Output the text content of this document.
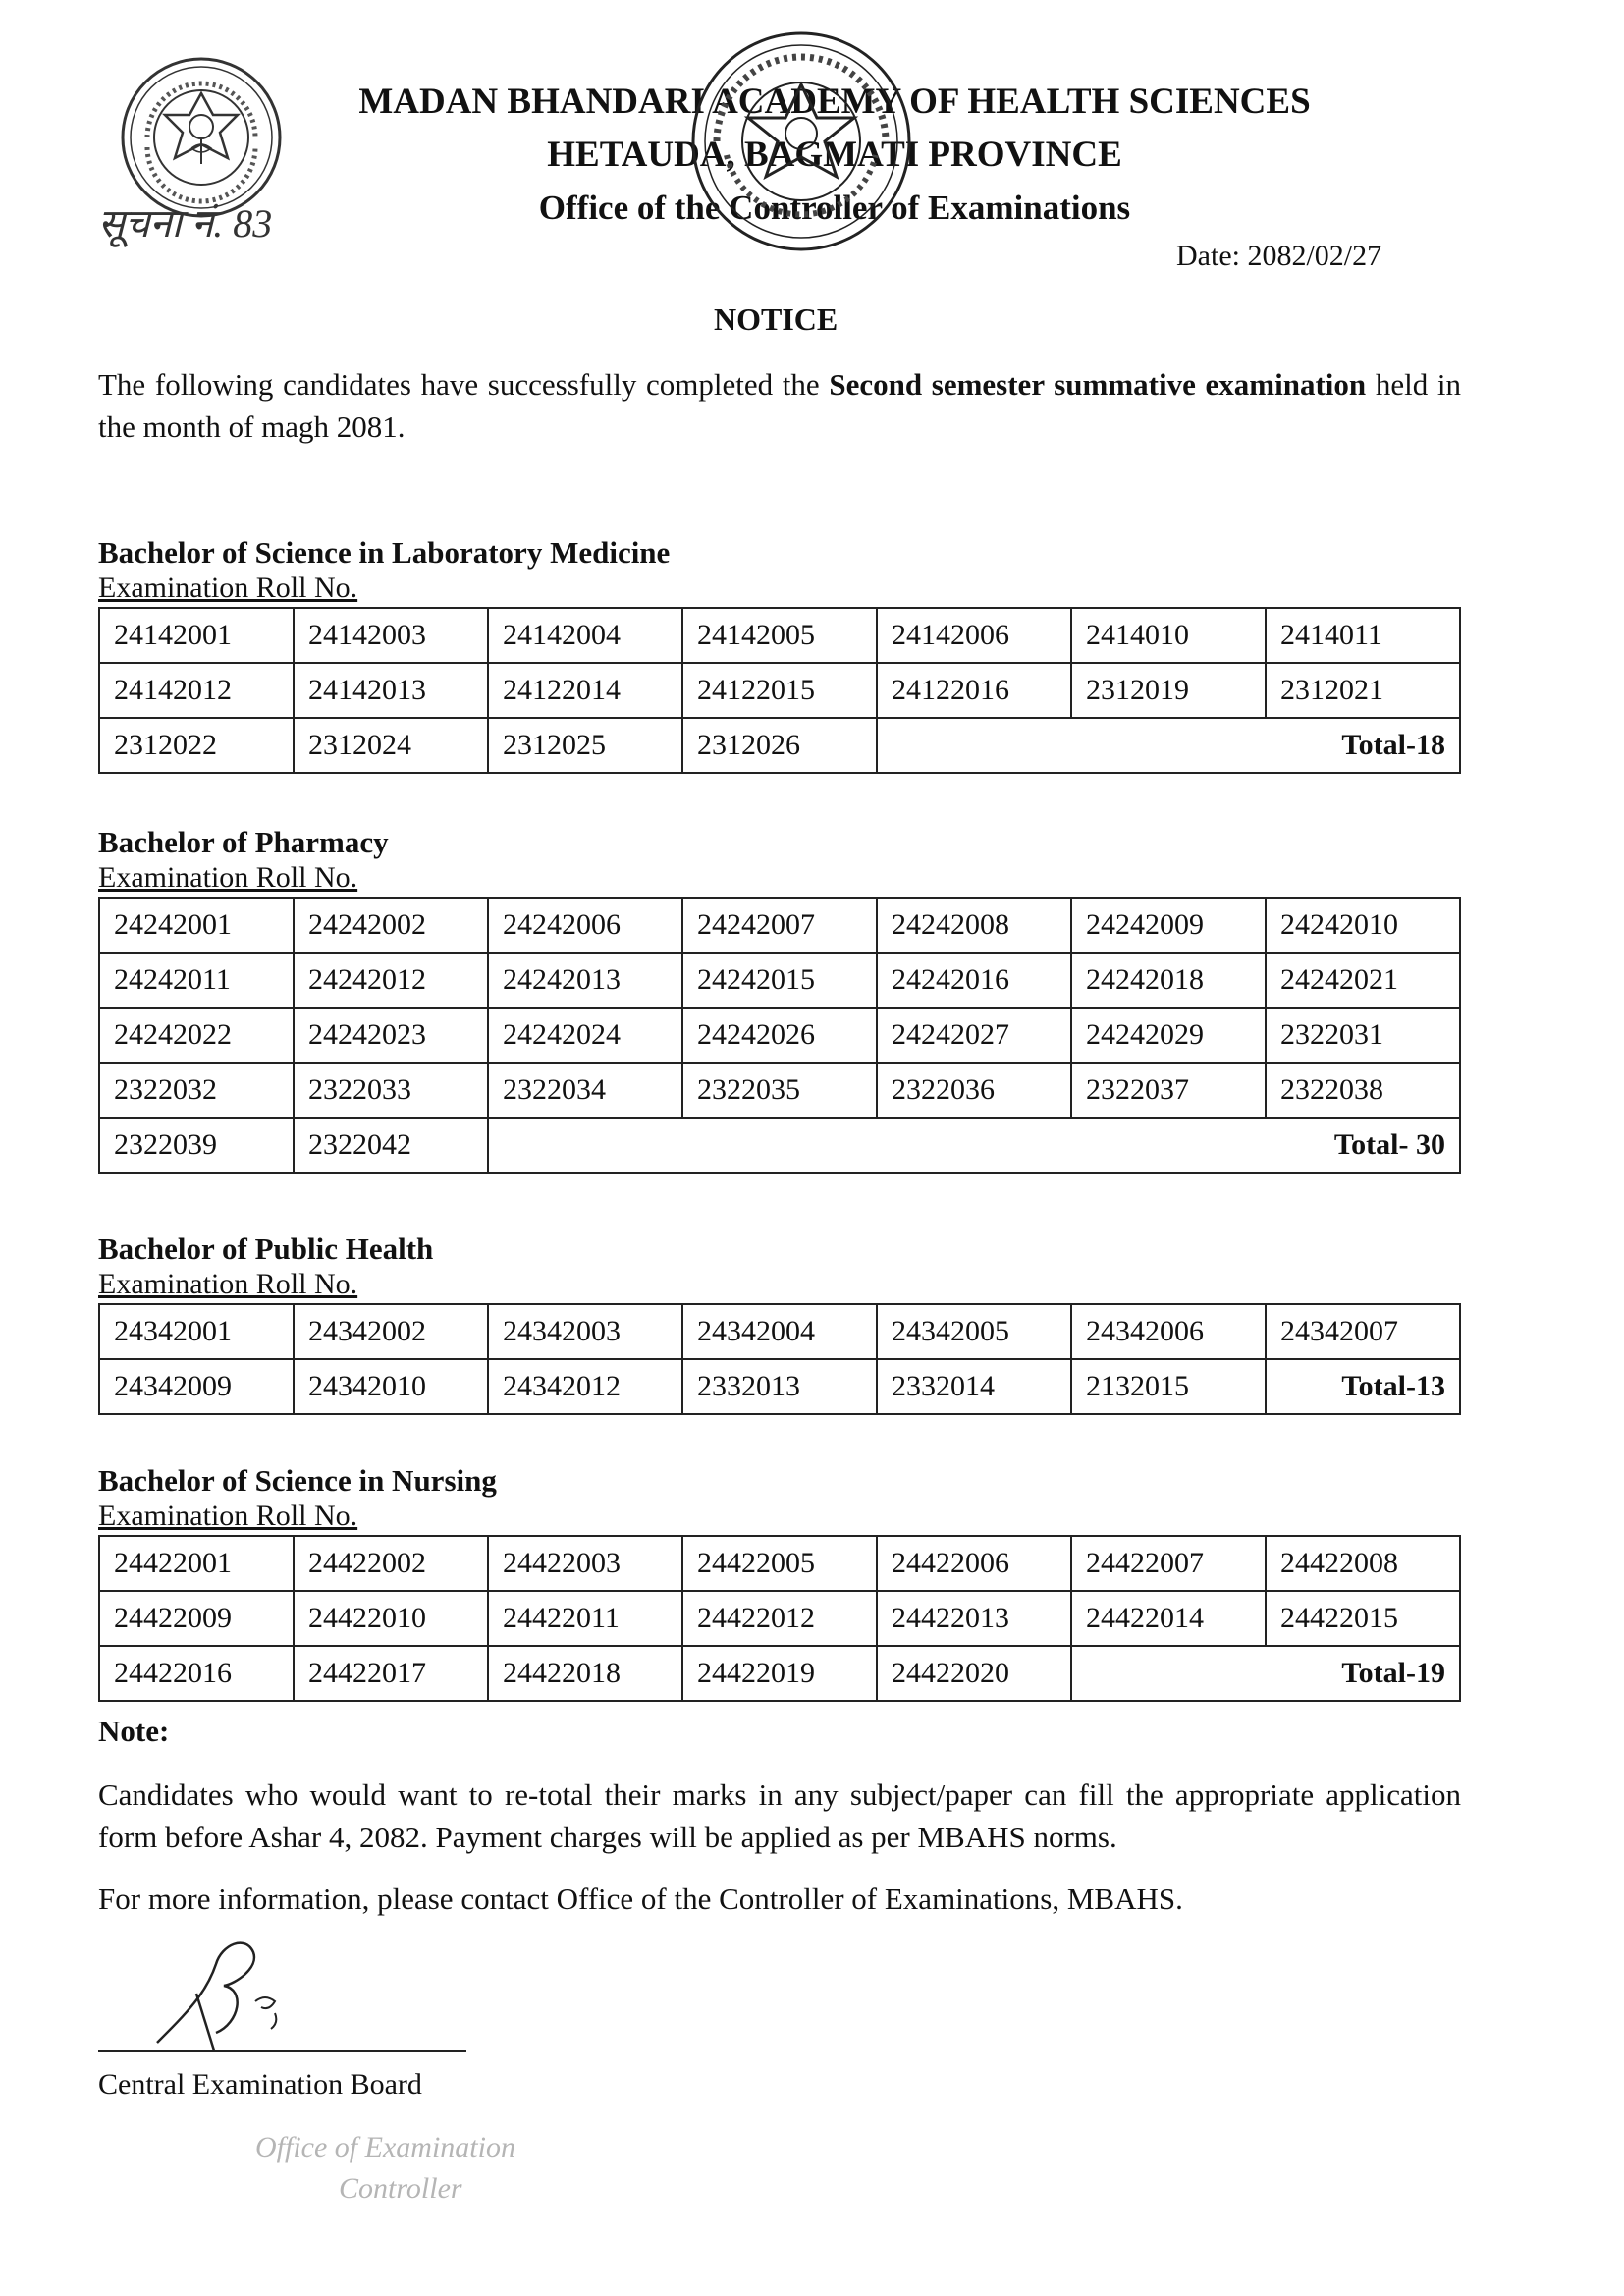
सूचना नं. 83
MADAN BHANDARI ACADEMY OF HEALTH SCIENCES
HETAUDA, BAGMATI PROVINCE
Office of the Controller of Examinations
Date: 2082/02/27
NOTICE
The following candidates have successfully completed the Second semester summative examination held in the month of magh 2081.
Bachelor of Science in Laboratory Medicine
Examination Roll No.
24142001	24142003	24142004	24142005	24142006	2414010	2414011
24142012	24142013	24122014	24122015	24122016	2312019	2312021
2312022	2312024	2312025	2312026	Total-18		
Bachelor of Pharmacy
Examination Roll No.
24242001	24242002	24242006	24242007	24242008	24242009	24242010
24242011	24242012	24242013	24242015	24242016	24242018	24242021
24242022	24242023	24242024	24242026	24242027	24242029	2322031
2322032	2322033	2322034	2322035	2322036	2322037	2322038
2322039	2322042	Total- 30				
Bachelor of Public Health
Examination Roll No.
24342001	24342002	24342003	24342004	24342005	24342006	24342007
24342009	24342010	24342012	2332013	2332014	2132015	Total-13
Bachelor of Science in Nursing
Examination Roll No.
24422001	24422002	24422003	24422005	24422006	24422007	24422008
24422009	24422010	24422011	24422012	24422013	24422014	24422015
24422016	24422017	24422018	24422019	24422020	Total-19	
Note:
Candidates who would want to re-total their marks in any subject/paper can fill the appropriate application form before Ashar 4, 2082. Payment charges will be applied as per MBAHS norms.
For more information, please contact Office of the Controller of Examinations, MBAHS.
Central Examination Board
Office of Examination
Controller
